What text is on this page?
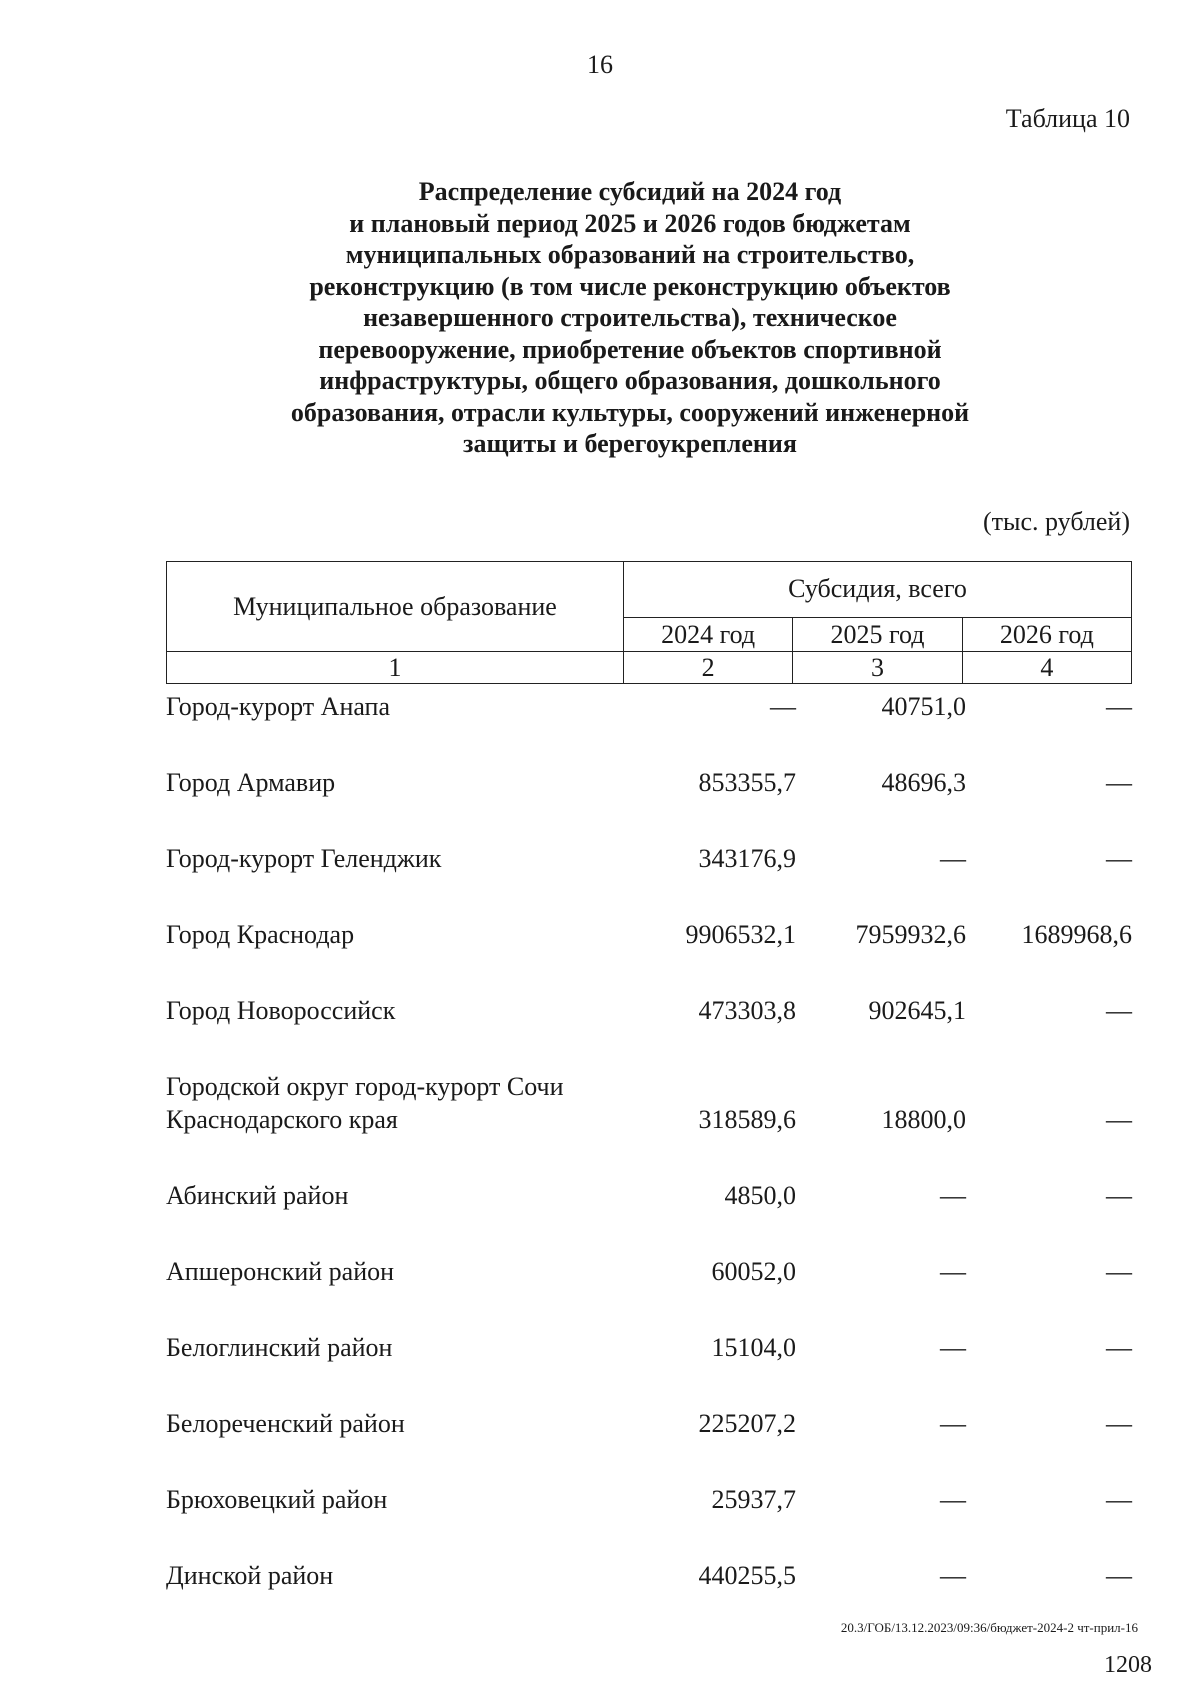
16
Таблица 10
Распределение субсидий на 2024 год
и плановый период 2025 и 2026 годов бюджетам
муниципальных образований на строительство,
реконструкцию (в том числе реконструкцию объектов
незавершенного строительства), техническое
перевооружение, приобретение объектов спортивной
инфраструктуры, общего образования, дошкольного
образования, отрасли культуры, сооружений инженерной
защиты и берегоукрепления
(тыс. рублей)
Муниципальное образование	Субсидия, всего		
	2024 год	2025 год	2026 год
1	2	3	4
Город-курорт Анапа	—	40751,0	—
Город Армавир	853355,7	48696,3	—
Город-курорт Геленджик	343176,9	—	—
Город Краснодар	9906532,1	7959932,6	1689968,6
Город Новороссийск	473303,8	902645,1	—
Городской округ город-курорт Сочи
Краснодарского края	318589,6	18800,0	—
Абинский район	4850,0	—	—
Апшеронский район	60052,0	—	—
Белоглинский район	15104,0	—	—
Белореченский район	225207,2	—	—
Брюховецкий район	25937,7	—	—
Динской район	440255,5	—	—
20.3/ГОБ/13.12.2023/09:36/бюджет-2024-2 чт-прил-16
1208
